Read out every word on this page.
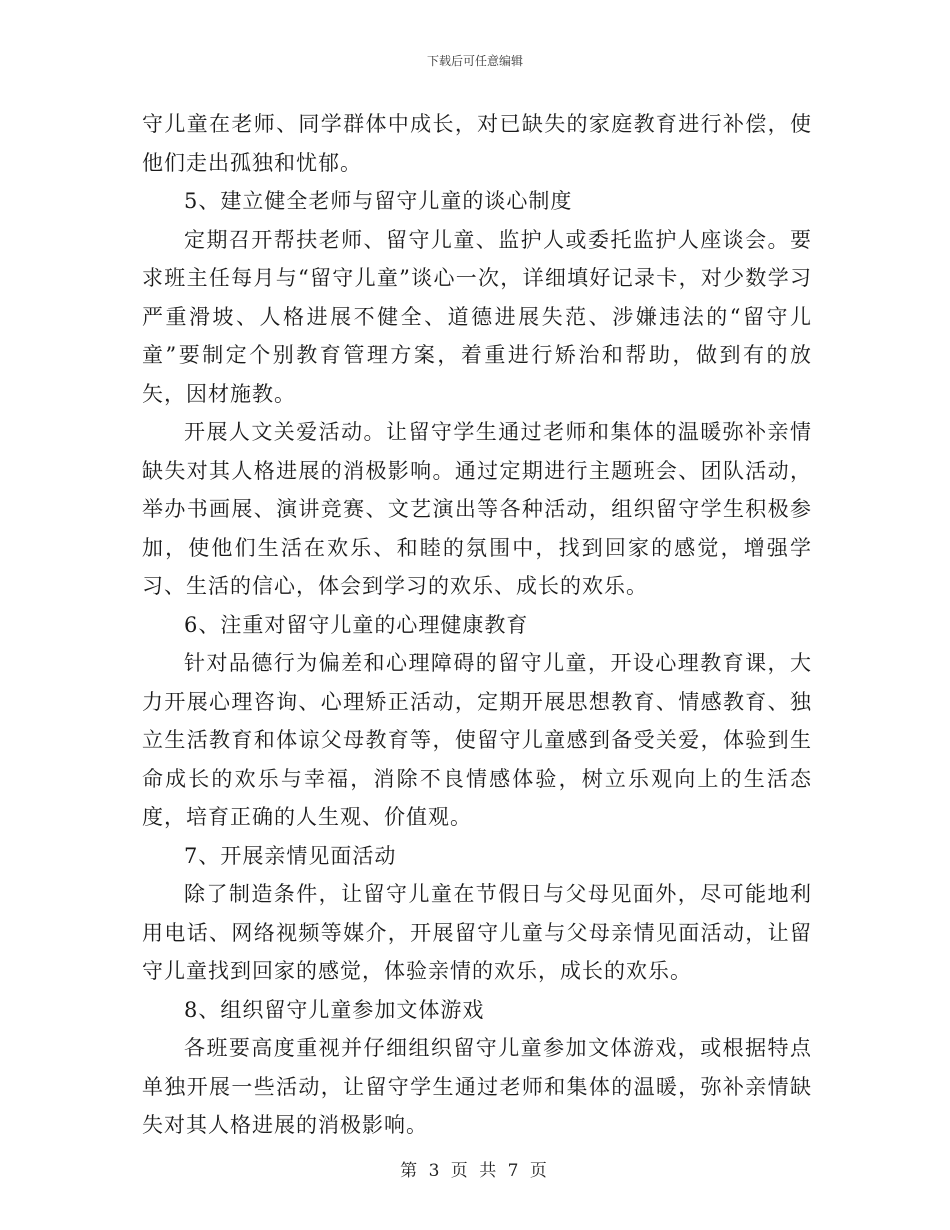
下载后可任意编辑

守儿童在老师、同学群体中成长，对已缺失的家庭教育进行补偿，使他们走出孤独和忧郁。

5、建立健全老师与留守儿童的谈心制度

定期召开帮扶老师、留守儿童、监护人或委托监护人座谈会。要求班主任每月与“留守儿童”谈心一次，详细填好记录卡，对少数学习严重滑坡、人格进展不健全、道德进展失范、涉嫌违法的“留守儿童”要制定个别教育管理方案，着重进行矫治和帮助，做到有的放矢，因材施教。

开展人文关爱活动。让留守学生通过老师和集体的温暖弥补亲情缺失对其人格进展的消极影响。通过定期进行主题班会、团队活动，举办书画展、演讲竞赛、文艺演出等各种活动，组织留守学生积极参加，使他们生活在欢乐、和睦的氛围中，找到回家的感觉，增强学习、生活的信心，体会到学习的欢乐、成长的欢乐。

6、注重对留守儿童的心理健康教育

针对品德行为偏差和心理障碍的留守儿童，开设心理教育课，大力开展心理咨询、心理矫正活动，定期开展思想教育、情感教育、独立生活教育和体谅父母教育等，使留守儿童感到备受关爱，体验到生命成长的欢乐与幸福，消除不良情感体验，树立乐观向上的生活态度，培育正确的人生观、价值观。

7、开展亲情见面活动

除了制造条件，让留守儿童在节假日与父母见面外，尽可能地利用电话、网络视频等媒介，开展留守儿童与父母亲情见面活动，让留守儿童找到回家的感觉，体验亲情的欢乐，成长的欢乐。

8、组织留守儿童参加文体游戏

各班要高度重视并仔细组织留守儿童参加文体游戏，或根据特点单独开展一些活动，让留守学生通过老师和集体的温暖，弥补亲情缺失对其人格进展的消极影响。

第 3 页 共 7 页
